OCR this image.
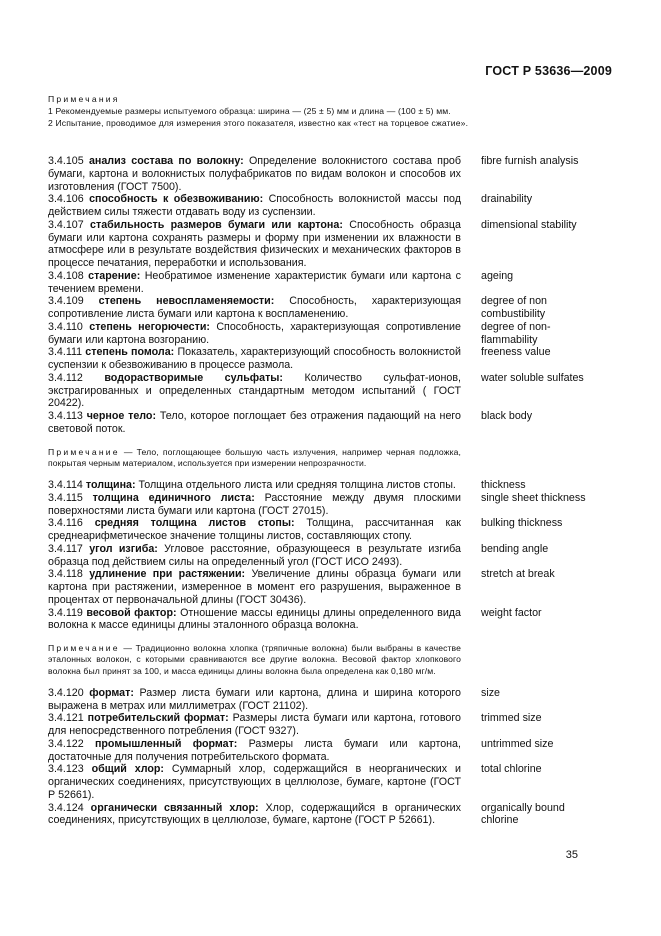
ГОСТ Р 53636—2009
Примечания
1 Рекомендуемые размеры испытуемого образца: ширина — (25 ± 5) мм и длина — (100 ± 5) мм.
2 Испытание, проводимое для измерения этого показателя, известно как «тест на торцевое сжатие».
3.4.105 анализ состава по волокну: Определение волокнистого состава проб бумаги, картона и волокнистых полуфабрикатов по видам волокон и способов их изготовления (ГОСТ 7500).
fibre furnish analysis
3.4.106 способность к обезвоживанию: Способность волокнистой массы под действием силы тяжести отдавать воду из суспензии.
drainability
3.4.107 стабильность размеров бумаги или картона: Способность образца бумаги или картона сохранять размеры и форму при изменении их влажности в атмосфере или в результате воздействия физических и механических факторов в процессе печатания, переработки и использования.
dimensional stability
3.4.108 старение: Необратимое изменение характеристик бумаги или картона с течением времени.
ageing
3.4.109 степень невоспламеняемости: Способность, характеризующая сопротивление листа бумаги или картона к воспламенению.
degree of non combustibility
3.4.110 степень негорючести: Способность, характеризующая сопротивление бумаги или картона возгоранию.
degree of non-flammability
3.4.111 степень помола: Показатель, характеризующий способность волокнистой суспензии к обезвоживанию в процессе размола.
freeness value
3.4.112 водорастворимые сульфаты: Количество сульфат-ионов, экстрагированных и определенных стандартным методом испытаний ( ГОСТ 20422).
water soluble sulfates
3.4.113 черное тело: Тело, которое поглощает без отражения падающий на него световой поток.
black body
Примечание — Тело, поглощающее большую часть излучения, например черная подложка, покрытая черным материалом, используется при измерении непрозрачности.
3.4.114 толщина: Толщина отдельного листа или средняя толщина листов стопы.	thickness
3.4.115 толщина единичного листа: Расстояние между двумя плоскими поверхностями листа бумаги или картона (ГОСТ 27015).
single sheet thickness
3.4.116 средняя толщина листов стопы: Толщина, рассчитанная как среднеарифметическое значение толщины листов, составляющих стопу.
bulking thickness
3.4.117 угол изгиба: Угловое расстояние, образующееся в результате изгиба образца под действием силы на определенный угол (ГОСТ ИСО 2493).
bending angle
3.4.118 удлинение при растяжении: Увеличение длины образца бумаги или картона при растяжении, измеренное в момент его разрушения, выраженное в процентах от первоначальной длины (ГОСТ 30436).
stretch at break
3.4.119 весовой фактор: Отношение массы единицы длины определенного вида волокна к массе единицы длины эталонного образца волокна.
weight factor
Примечание — Традиционно волокна хлопка (тряпичные волокна) были выбраны в качестве эталонных волокон, с которыми сравниваются все другие волокна. Весовой фактор хлопкового волокна был принят за 100, и масса единицы длины волокна была определена как 0,180 мг/м.
3.4.120 формат: Размер листа бумаги или картона, длина и ширина которого выражена в метрах или миллиметрах (ГОСТ 21102).
size
3.4.121 потребительский формат: Размеры листа бумаги или картона, готового для непосредственного потребления (ГОСТ 9327).
trimmed size
3.4.122 промышленный формат: Размеры листа бумаги или картона, достаточные для получения потребительского формата.
untrimmed size
3.4.123 общий хлор: Суммарный хлор, содержащийся в неорганических и органических соединениях, присутствующих в целлюлозе, бумаге, картоне (ГОСТ Р 52661).
total chlorine
3.4.124 органически связанный хлор: Хлор, содержащийся в органических соединениях, присутствующих в целлюлозе, бумаге, картоне (ГОСТ Р 52661).
organically bound chlorine
35
